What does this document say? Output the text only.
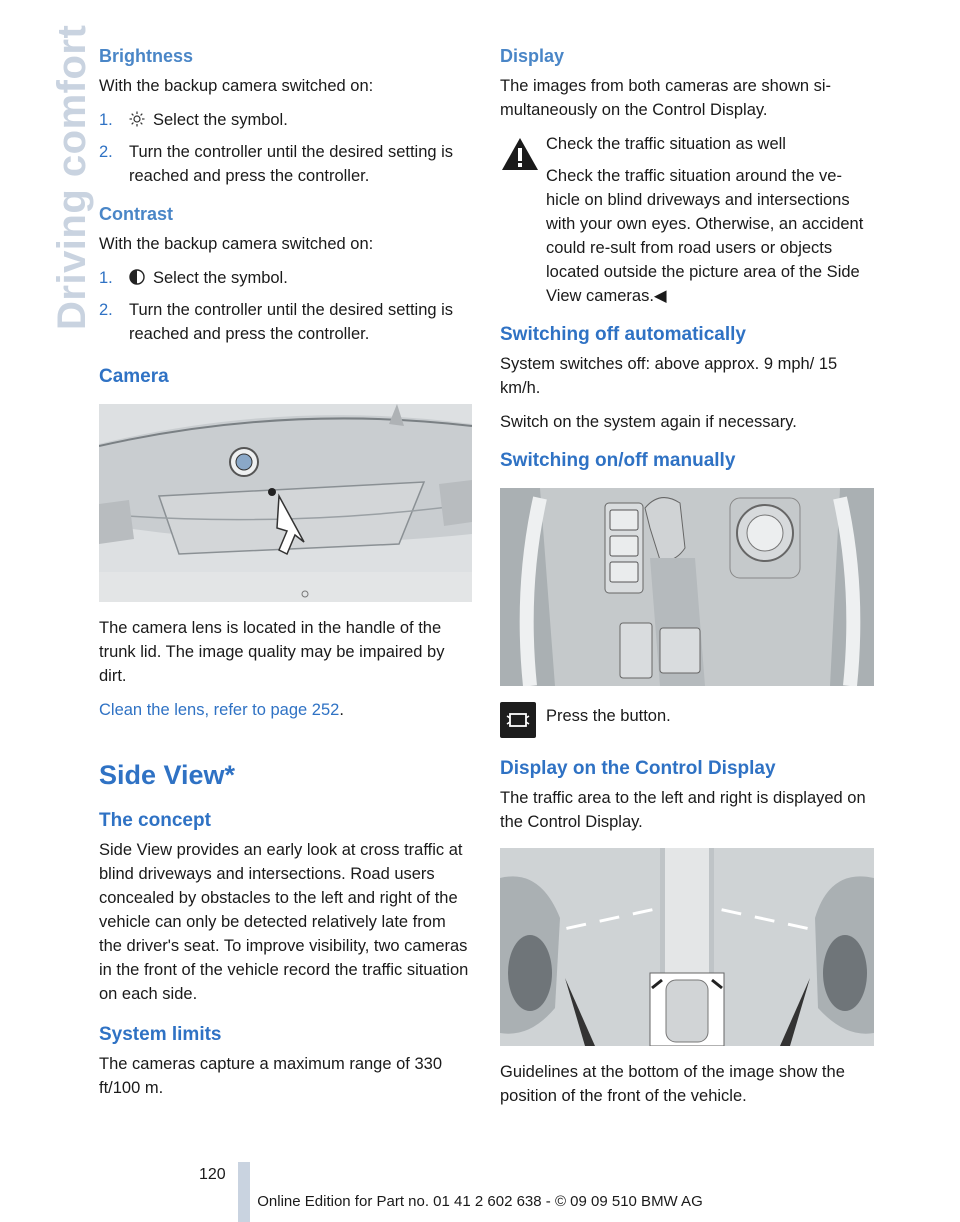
Driving comfort Brightness

With the backup camera switched on:

1. Select the symbol.
2. Turn the controller until the desired setting is reached and press the controller.
Contrast

With the backup camera switched on:

1. Select the symbol.
2. Turn the controller until the desired setting is reached and press the controller.
Camera

The camera lens is located in the handle of the trunk lid. The image quality may be impaired by dirt.

Clean the lens, refer to page 252.

Side View*
The concept

Side View provides an early look at cross traffic at blind driveways and intersections. Road users concealed by obstacles to the left and right of the vehicle can only be detected relatively late from the driver's seat. To improve visibility, two cameras in the front of the vehicle record the traffic situation on each side.

System limits

The cameras capture a maximum range of 330 ft/100 m.

Display

The images from both cameras are shown si-multaneously on the Control Display.

Check the traffic situation as well

Check the traffic situation around the ve-hicle on blind driveways and intersections with your own eyes. Otherwise, an accident could re-sult from road users or objects located outside the picture area of the Side View cameras.◀

Switching off automatically

System switches off: above approx. 9 mph/ 15 km/h.

Switch on the system again if necessary.

Switching on/off manually

Press the button.

Display on the Control Display

The traffic area to the left and right is displayed on the Control Display.

Guidelines at the bottom of the image show the position of the front of the vehicle.

120
Online Edition for Part no. 01 41 2 602 638 - © 09 09 510 BMW AG
